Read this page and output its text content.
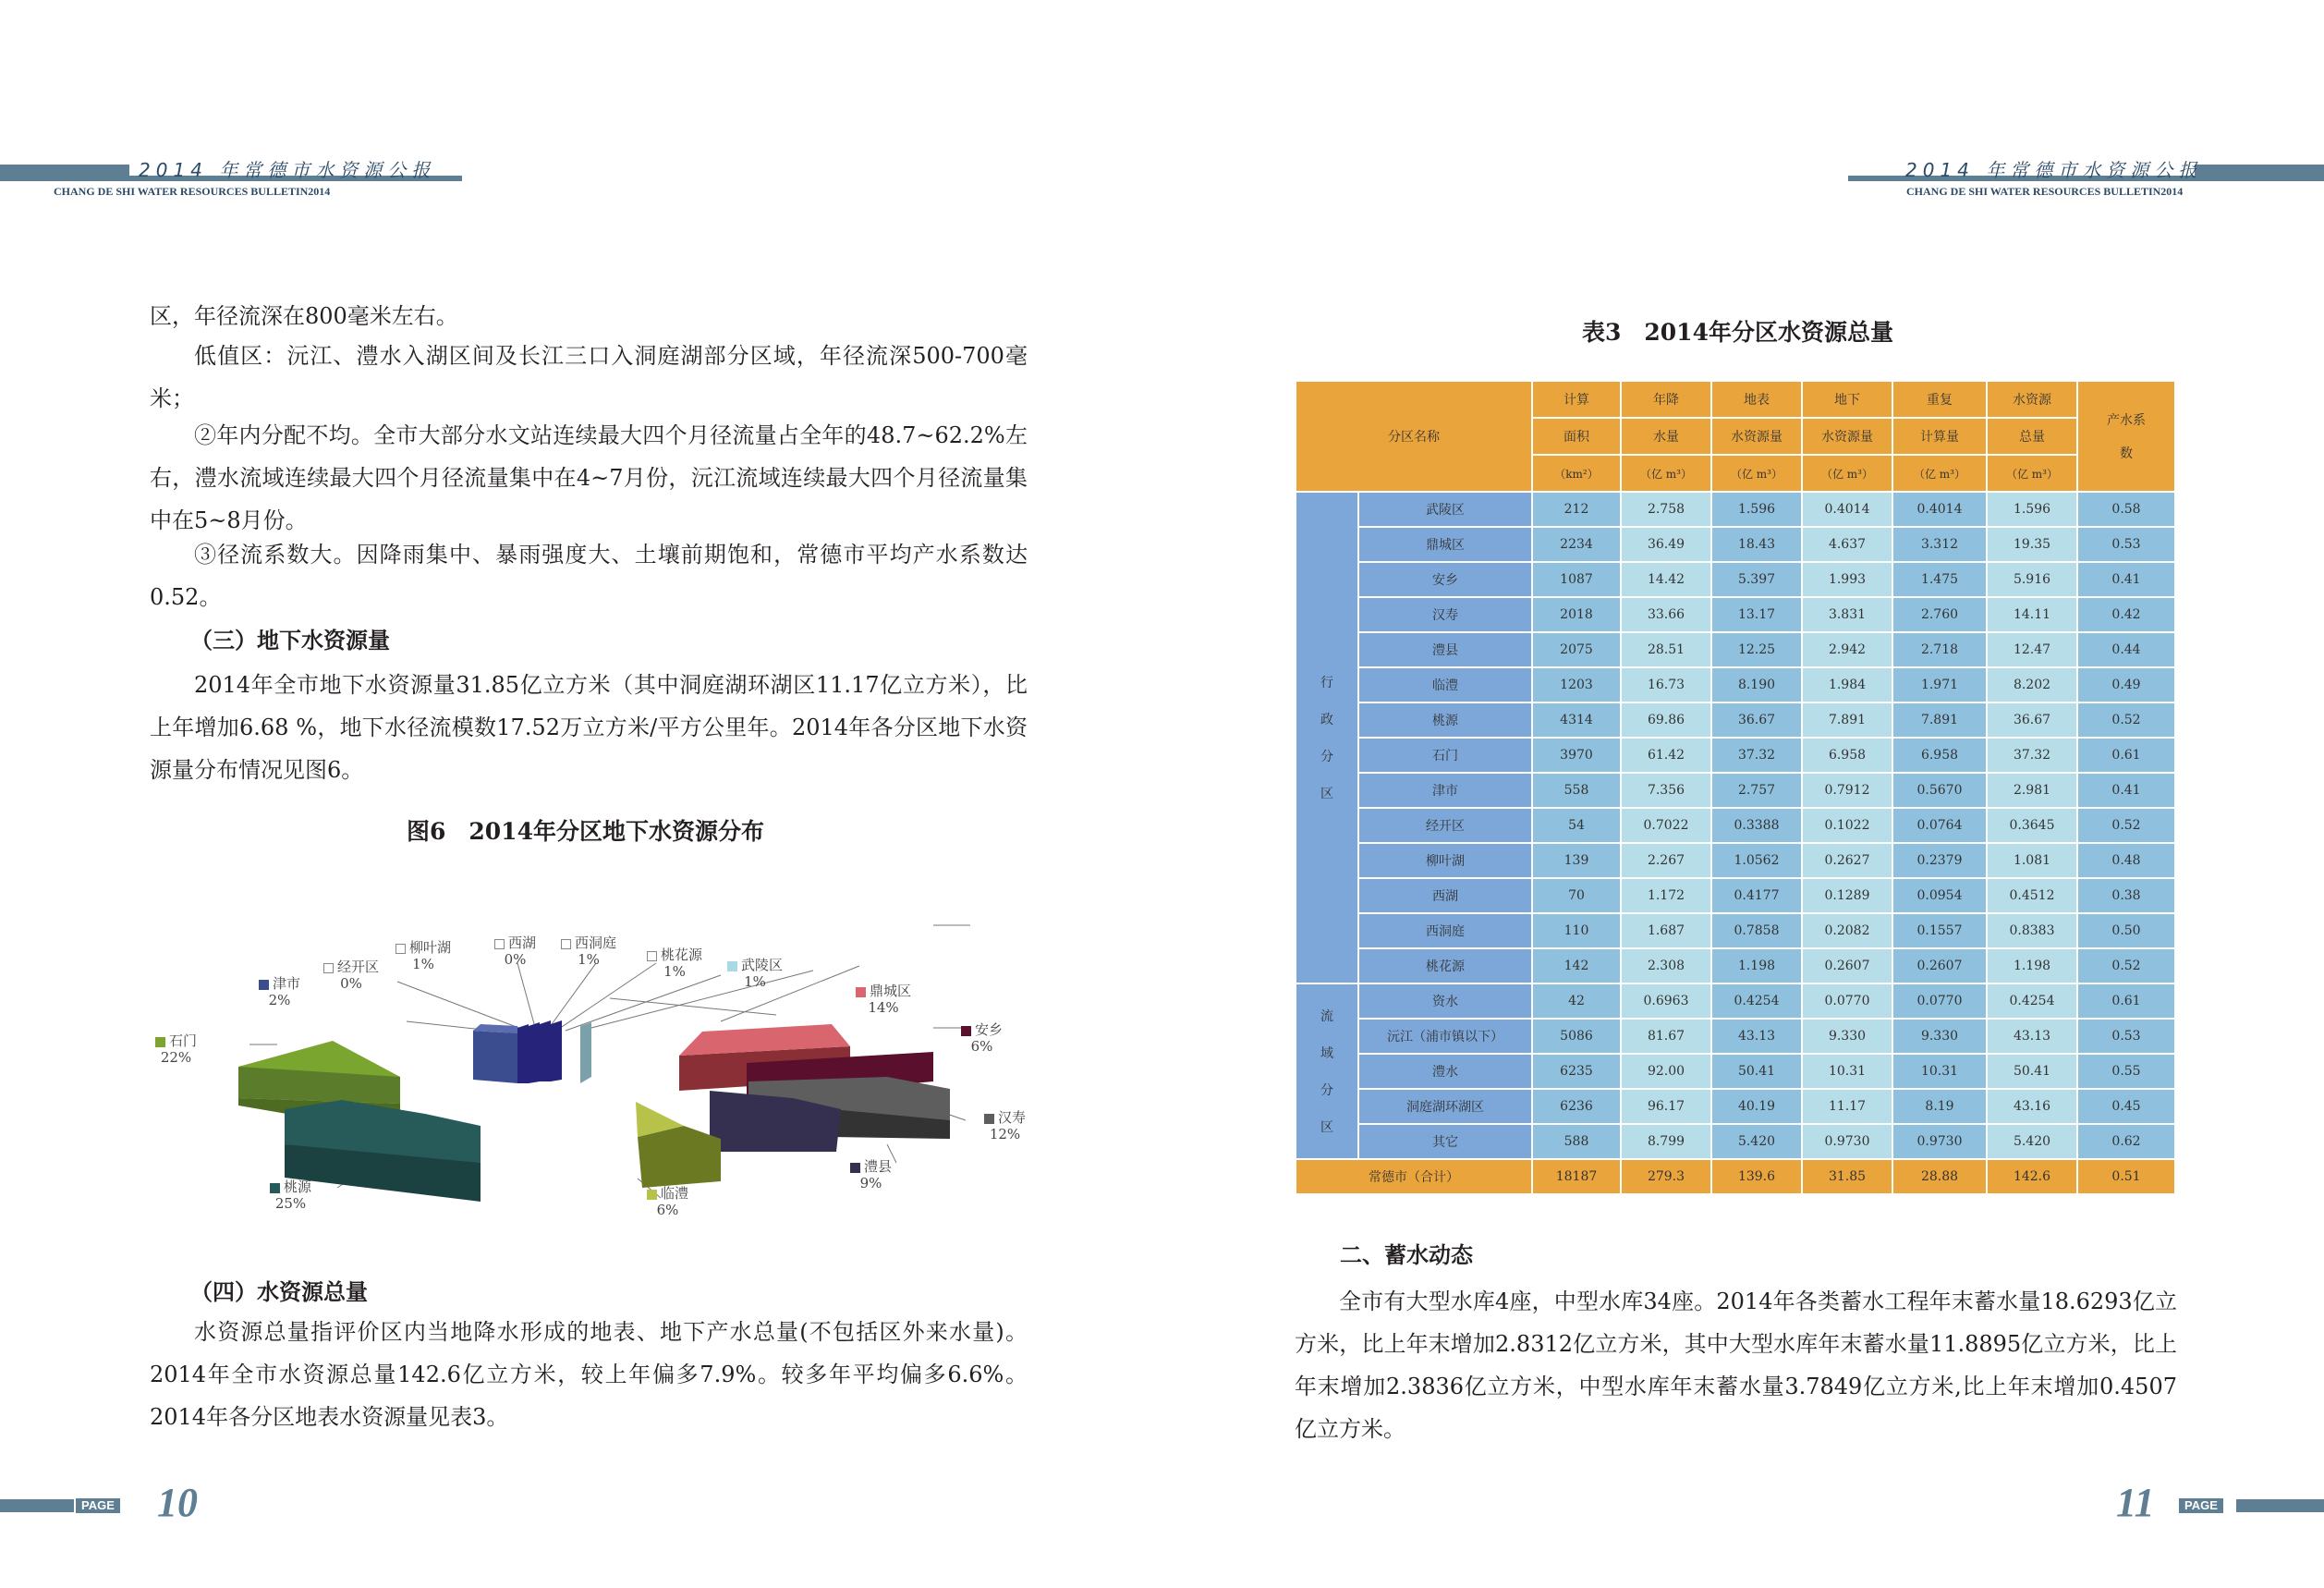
2014 年常德市水资源公报
CHANG DE SHI WATER RESOURCES BULLETIN2014
2014 年常德市水资源公报
CHANG DE SHI WATER RESOURCES BULLETIN2014
区，年径流深在800毫米左右。
低值区：沅江、澧水入湖区间及长江三口入洞庭湖部分区域，年径流深500-700毫米；
②年内分配不均。全市大部分水文站连续最大四个月径流量占全年的48.7~62.2%左右，澧水流域连续最大四个月径流量集中在4~7月份，沅江流域连续最大四个月径流量集中在5~8月份。
③径流系数大。因降雨集中、暴雨强度大、土壤前期饱和，常德市平均产水系数达0.52。
（三）地下水资源量
2014年全市地下水资源量31.85亿立方米（其中洞庭湖环湖区11.17亿立方米），比上年增加6.68 %，地下水径流模数17.52万立方米/平方公里年。2014年各分区地下水资源量分布情况见图6。
图6　2014年分区地下水资源分布
武陵区
1%
鼎城区
14%
安乡
6%
汉寿
12%
澧县
9%
临澧
6%
桃源
25%
石门
22%
津市
2%
经开区
0%
柳叶湖
1%
西湖
0%
西洞庭
1%	桃花源
1%
（四）水资源总量
水资源总量指评价区内当地降水形成的地表、地下产水总量(不包括区外来水量)。2014年全市水资源总量142.6亿立方米，较上年偏多7.9%。较多年平均偏多6.6%。2014年各分区地表水资源量见表3。
表3　2014年分区水资源总量
分区名称		计算	年降	地表	地下	重复	水资源	产水系

数
		面积	水量	水资源量	水资源量	计算量	总量	
		（km²）	（亿 m³）	（亿 m³）	（亿 m³）	（亿 m³）	（亿 m³）	

行
政
分
区	武陵区	212	2.758	1.596	0.4014	0.4014	1.596	0.58
	鼎城区	2234	36.49	18.43	4.637	3.312	19.35	0.53
	安乡	1087	14.42	5.397	1.993	1.475	5.916	0.41
	汉寿	2018	33.66	13.17	3.831	2.760	14.11	0.42
	澧县	2075	28.51	12.25	2.942	2.718	12.47	0.44
	临澧	1203	16.73	8.190	1.984	1.971	8.202	0.49
	桃源	4314	69.86	36.67	7.891	7.891	36.67	0.52
	石门	3970	61.42	37.32	6.958	6.958	37.32	0.61
	津市	558	7.356	2.757	0.7912	0.5670	2.981	0.41
	经开区	54	0.7022	0.3388	0.1022	0.0764	0.3645	0.52
	柳叶湖	139	2.267	1.0562	0.2627	0.2379	1.081	0.48
	西湖	70	1.172	0.4177	0.1289	0.0954	0.4512	0.38
	西洞庭	110	1.687	0.7858	0.2082	0.1557	0.8383	0.50
	桃花源	142	2.308	1.198	0.2607	0.2607	1.198	0.52

流
域
分
区	资水	42	0.6963	0.4254	0.0770	0.0770	0.4254	0.61
	沅江（浦市镇以下）	5086	81.67	43.13	9.330	9.330	43.13	0.53
	澧水	6235	92.00	50.41	10.31	10.31	50.41	0.55
	洞庭湖环湖区	6236	96.17	40.19	11.17	8.19	43.16	0.45
	其它	588	8.799	5.420	0.9730	0.9730	5.420	0.62
常德市（合计）		18187	279.3	139.6	31.85	28.88	142.6	0.51
二、蓄水动态
全市有大型水库4座，中型水库34座。2014年各类蓄水工程年末蓄水量18.6293亿立方米，比上年末增加2.8312亿立方米，其中大型水库年末蓄水量11.8895亿立方米，比上年末增加2.3836亿立方米，中型水库年末蓄水量3.7849亿立方米,比上年末增加0.4507亿立方米。
PAGE 10	11	PAGE
